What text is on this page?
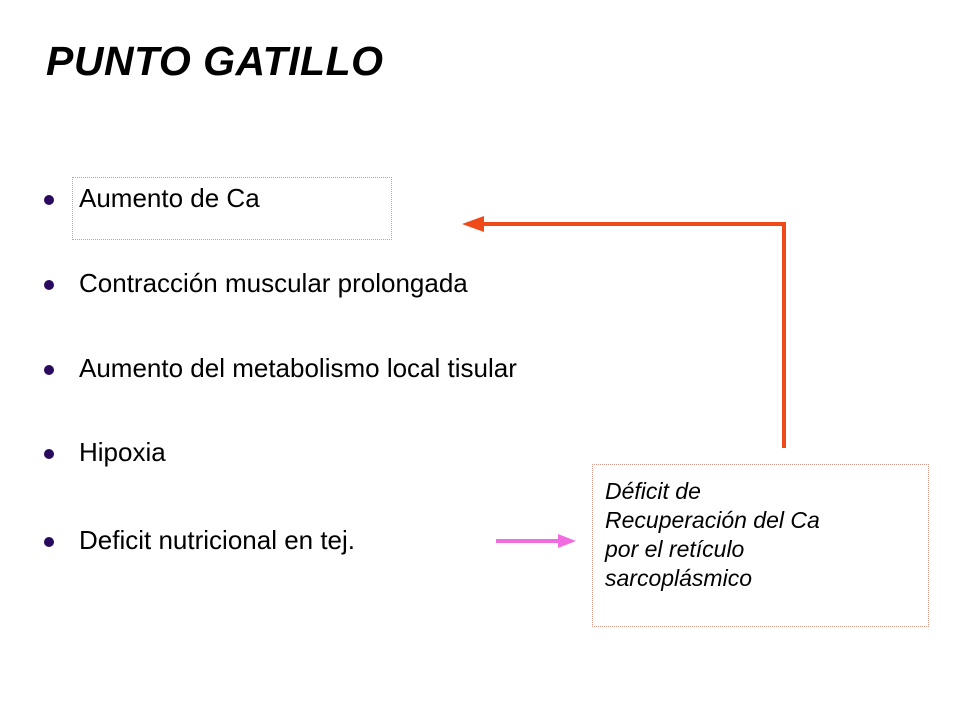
PUNTO GATILLO
Aumento de Ca
Contracción muscular prolongada
Aumento del metabolismo local tisular
Hipoxia
Deficit nutricional en tej.
Déficit de
Recuperación del Ca
por el retículo
sarcoplásmico
